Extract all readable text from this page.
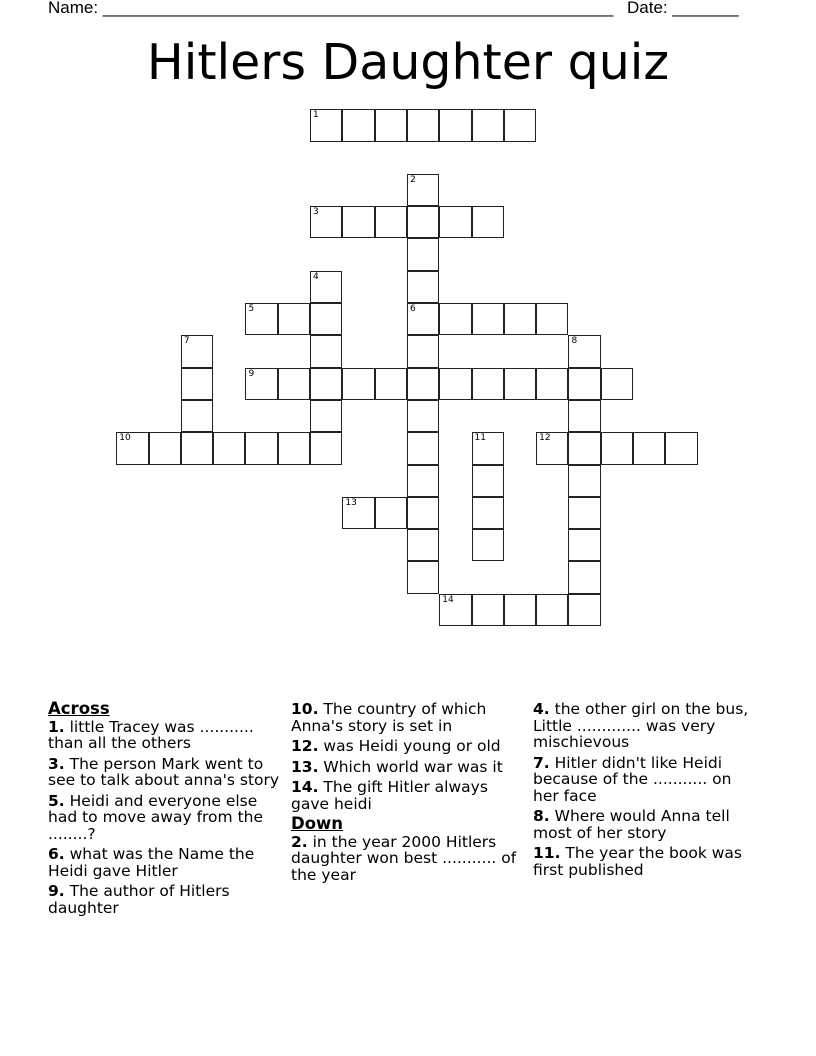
Name: ______________________________________________________ Date: _______
Hitlers Daughter quiz
1
2
6
3
4
5
7	8
9
10	11	12
13
14
Across
1. little Tracey was ........... than all the others
3. The person Mark went to see to talk about anna's story
5. Heidi and everyone else had to move away from the ........?
6. what was the Name the Heidi gave Hitler
9. The author of Hitlers daughter
10. The country of which Anna's story is set in
12. was Heidi young or old
13. Which world war was it
14. The gift Hitler always gave heidi
Down
2. in the year 2000 Hitlers daughter won best ........... of the year
4. the other girl on the bus, Little ............. was very mischievous
7. Hitler didn't like Heidi because of the ........... on her face
8. Where would Anna tell most of her story
11. The year the book was first published
